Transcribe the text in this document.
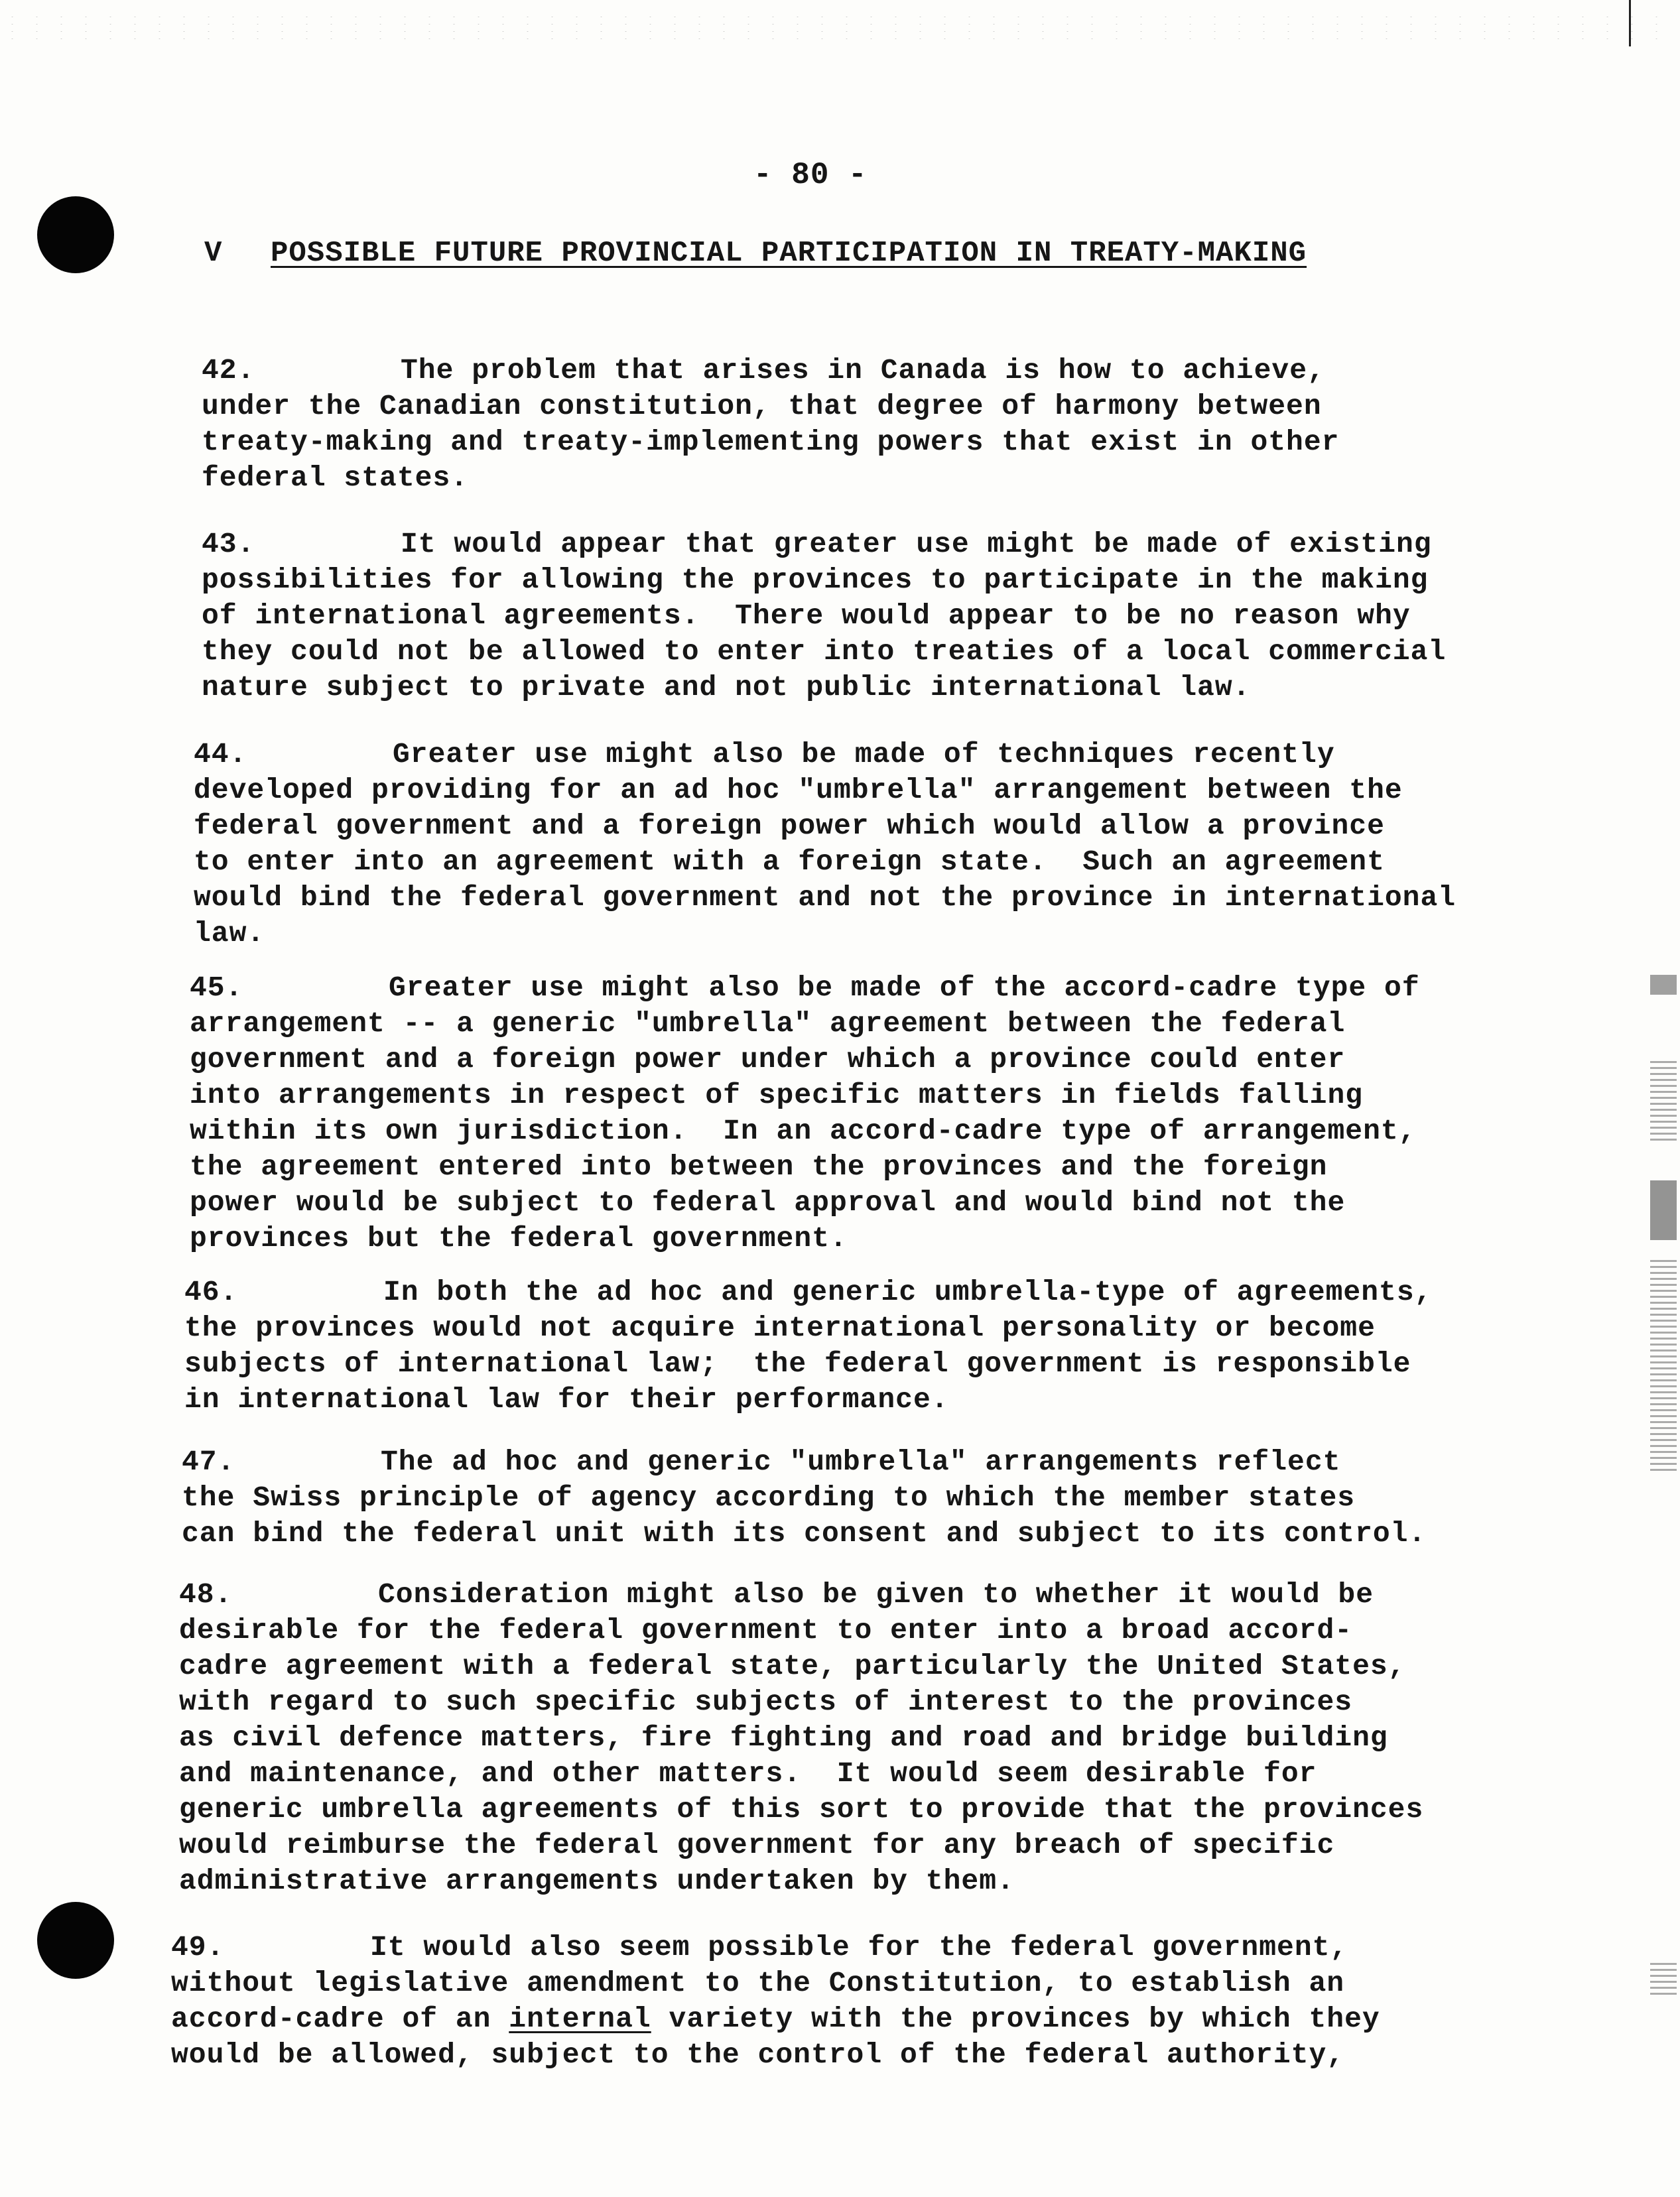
- 80 -
V POSSIBLE FUTURE PROVINCIAL PARTICIPATION IN TREATY-MAKING
42.	The problem that arises in Canada is how to achieve,
under the Canadian constitution, that degree of harmony between
treaty-making and treaty-implementing powers that exist in other
federal states.
43.	It would appear that greater use might be made of existing
possibilities for allowing the provinces to participate in the making
of international agreements.  There would appear to be no reason why
they could not be allowed to enter into treaties of a local commercial
nature subject to private and not public international law.
44.	Greater use might also be made of techniques recently
developed providing for an ad hoc "umbrella" arrangement between the
federal government and a foreign power which would allow a province
to enter into an agreement with a foreign state.  Such an agreement
would bind the federal government and not the province in international
law.
45.	Greater use might also be made of the accord-cadre type of
arrangement -- a generic "umbrella" agreement between the federal
government and a foreign power under which a province could enter
into arrangements in respect of specific matters in fields falling
within its own jurisdiction.  In an accord-cadre type of arrangement,
the agreement entered into between the provinces and the foreign
power would be subject to federal approval and would bind not the
provinces but the federal government.
46.	In both the ad hoc and generic umbrella-type of agreements,
the provinces would not acquire international personality or become
subjects of international law;  the federal government is responsible
in international law for their performance.
47.	The ad hoc and generic "umbrella" arrangements reflect
the Swiss principle of agency according to which the member states
can bind the federal unit with its consent and subject to its control.
48.	Consideration might also be given to whether it would be
desirable for the federal government to enter into a broad accord-
cadre agreement with a federal state, particularly the United States,
with regard to such specific subjects of interest to the provinces
as civil defence matters, fire fighting and road and bridge building
and maintenance, and other matters.  It would seem desirable for
generic umbrella agreements of this sort to provide that the provinces
would reimburse the federal government for any breach of specific
administrative arrangements undertaken by them.
49.	It would also seem possible for the federal government,
without legislative amendment to the Constitution, to establish an
accord-cadre of an internal variety with the provinces by which they
would be allowed, subject to the control of the federal authority,
